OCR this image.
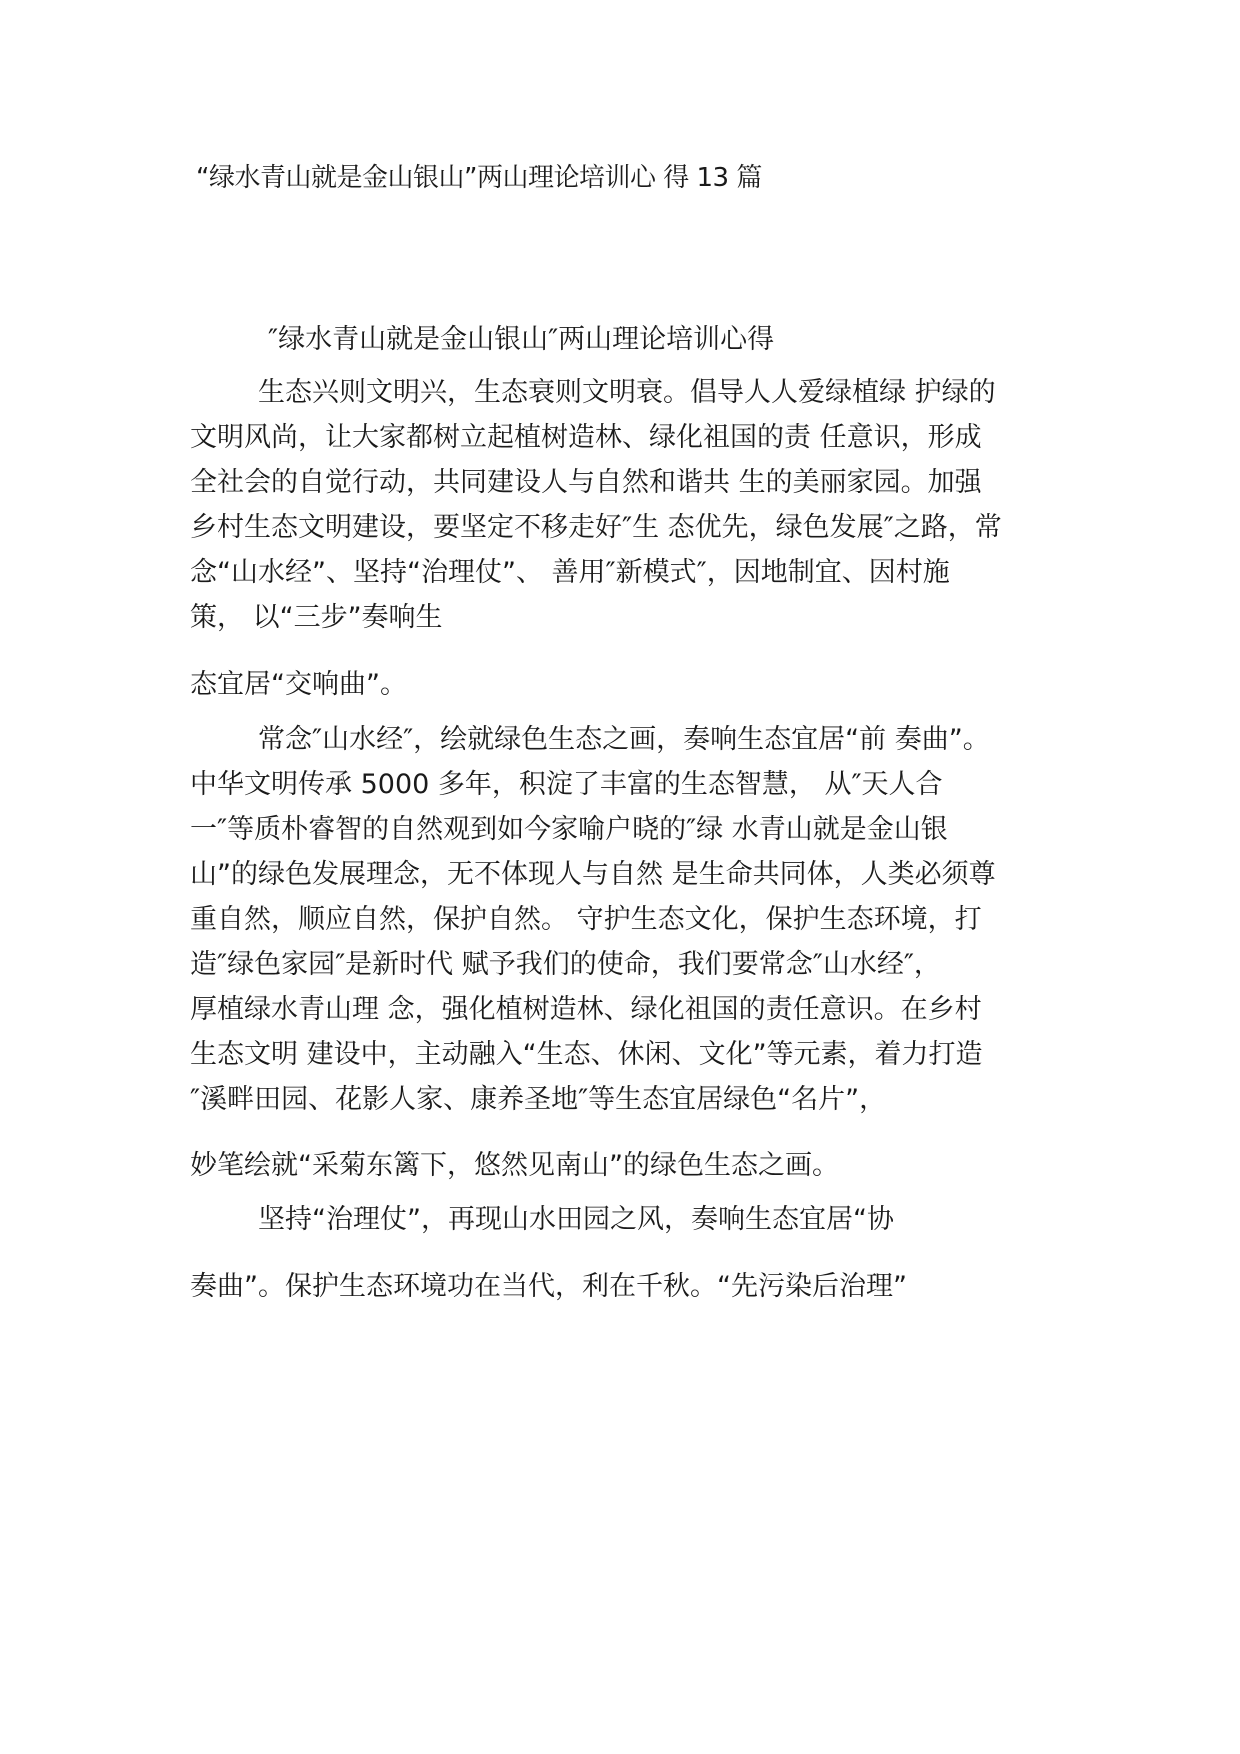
“绿水青山就是金山银山”两山理论培训心 得 13 篇
″绿水青山就是金山银山″两山理论培训心得
生态兴则文明兴，生态衰则文明衰。倡导人人爱绿植绿 护绿的
文明风尚，让大家都树立起植树造林、绿化祖国的责 任意识，形成
全社会的自觉行动，共同建设人与自然和谐共 生的美丽家园。加强
乡村生态文明建设，要坚定不移走好″生 态优先，绿色发展″之路，常
念“山水经”、坚持“治理仗”、 善用″新模式″，因地制宜、因村施
策， 以“三步”奏响生
态宜居“交响曲”。
常念″山水经″，绘就绿色生态之画，奏响生态宜居“前 奏曲”。
中华文明传承 5000 多年，积淀了丰富的生态智慧， 从″天人合
一″等质朴睿智的自然观到如今家喻户晓的″绿 水青山就是金山银
山”的绿色发展理念，无不体现人与自然 是生命共同体，人类必须尊
重自然，顺应自然，保护自然。 守护生态文化，保护生态环境，打
造″绿色家园″是新时代 赋予我们的使命，我们要常念″山水经″，
厚植绿水青山理 念，强化植树造林、绿化祖国的责任意识。在乡村
生态文明 建设中，主动融入“生态、休闲、文化”等元素，着力打造
″溪畔田园、花影人家、康养圣地″等生态宜居绿色“名片”，
妙笔绘就“采菊东篱下，悠然见南山”的绿色生态之画。
坚持“治理仗”，再现山水田园之风，奏响生态宜居“协
奏曲”。保护生态环境功在当代，利在千秋。“先污染后治理”
